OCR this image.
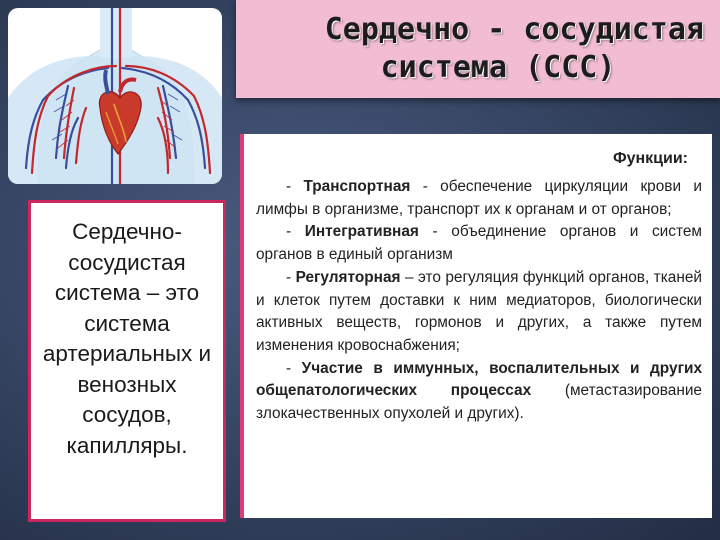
Сердечно - сосудистая
система (ССС)
Сердечно-сосудистая система – это система артериальных и венозных сосудов, капилляры.
Функции:

- Транспортная - обеспечение циркуляции крови и лимфы в организме, транспорт их к органам и от органов;

- Интегративная - объединение органов и систем органов в единый организм

- Регуляторная – это регуляция функций органов, тканей и клеток путем доставки к ним медиаторов, биологически активных веществ, гормонов и других, а также путем изменения кровоснабжения;

- Участие в иммунных, воспалительных и других общепатологических процессах (метастазирование злокачественных опухолей и других).
